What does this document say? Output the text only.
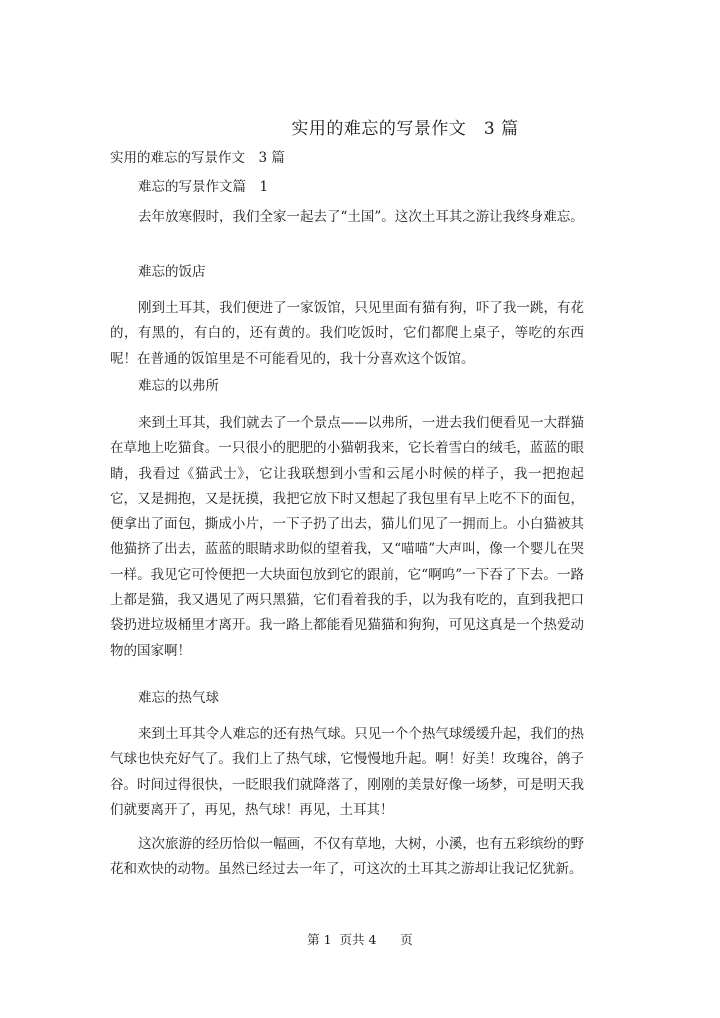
实用的难忘的写景作文　3 篇
实用的难忘的写景作文　3 篇
难忘的写景作文篇　1

去年放寒假时，我们全家一起去了“土国”。这次土耳其之游让我终身难忘。

难忘的饭店

刚到土耳其，我们便进了一家饭馆，只见里面有猫有狗，吓了我一跳，有花的，有黑的，有白的，还有黄的。我们吃饭时，它们都爬上桌子，等吃的东西呢！在普通的饭馆里是不可能看见的，我十分喜欢这个饭馆。

难忘的以弗所

来到土耳其，我们就去了一个景点——以弗所，一进去我们便看见一大群猫在草地上吃猫食。一只很小的肥肥的小猫朝我来，它长着雪白的绒毛，蓝蓝的眼睛，我看过《猫武士》，它让我联想到小雪和云尾小时候的样子，我一把抱起它，又是拥抱，又是抚摸，我把它放下时又想起了我包里有早上吃不下的面包，便拿出了面包，撕成小片，一下子扔了出去，猫儿们见了一拥而上。小白猫被其他猫挤了出去，蓝蓝的眼睛求助似的望着我，又“喵喵”大声叫，像一个婴儿在哭一样。我见它可怜便把一大块面包放到它的跟前，它“啊呜”一下吞了下去。一路上都是猫，我又遇见了两只黑猫，它们看着我的手，以为我有吃的，直到我把口袋扔进垃圾桶里才离开。我一路上都能看见猫猫和狗狗，可见这真是一个热爱动物的国家啊！

难忘的热气球

来到土耳其令人难忘的还有热气球。只见一个个热气球缓缓升起，我们的热气球也快充好气了。我们上了热气球，它慢慢地升起。啊！好美！玫瑰谷，鸽子谷。时间过得很快，一眨眼我们就降落了，刚刚的美景好像一场梦，可是明天我们就要离开了，再见，热气球！再见，土耳其！

这次旅游的经历恰似一幅画，不仅有草地，大树，小溪，也有五彩缤纷的野花和欢快的动物。虽然已经过去一年了，可这次的土耳其之游却让我记忆犹新。

第 1  页共 4      页
